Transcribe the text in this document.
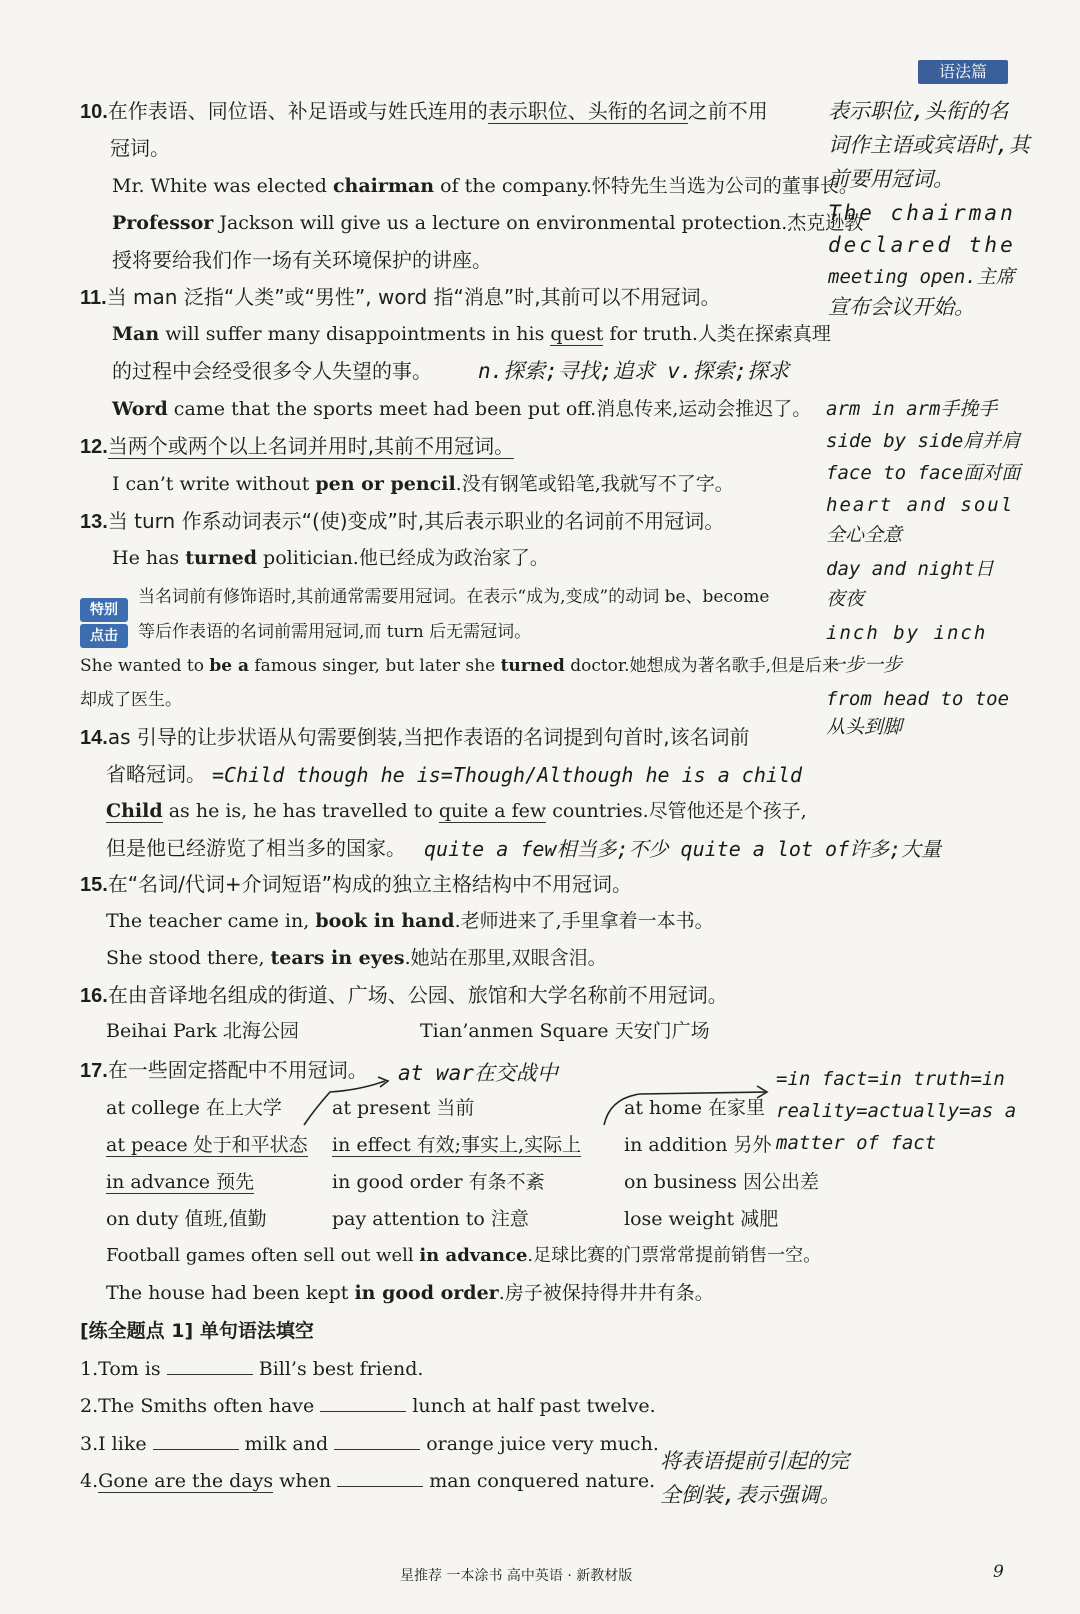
语法篇
10.在作表语、同位语、补足语或与姓氏连用的表示职位、头衔的名词之前不用
冠词。
Mr. White was elected chairman of the company.怀特先生当选为公司的董事长。
Professor Jackson will give us a lecture on environmental protection.杰克逊教
授将要给我们作一场有关环境保护的讲座。
11.当 man 泛指“人类”或“男性”, word 指“消息”时,其前可以不用冠词。
Man will suffer many disappointments in his quest for truth.人类在探索真理
的过程中会经受很多令人失望的事。 n.探索;寻找;追求 v.探索;探求
Word came that the sports meet had been put off.消息传来,运动会推迟了。
12.当两个或两个以上名词并用时,其前不用冠词。
I can’t write without pen or pencil.没有钢笔或铅笔,我就写不了字。
13.当 turn 作系动词表示“(使)变成”时,其后表示职业的名词前不用冠词。
He has turned politician.他已经成为政治家了。
特别
点击
当名词前有修饰语时,其前通常需要用冠词。在表示“成为,变成”的动词 be、become
等后作表语的名词前需用冠词,而 turn 后无需冠词。
She wanted to be a famous singer, but later she turned doctor.她想成为著名歌手,但是后来
却成了医生。
14.as 引导的让步状语从句需要倒装,当把作表语的名词提到句首时,该名词前
省略冠词。 =Child though he is=Though/Although he is a child
Child as he is, he has travelled to quite a few countries.尽管他还是个孩子,
但是他已经游览了相当多的国家。 quite a few相当多;不少 quite a lot of许多;大量
15.在“名词/代词+介词短语”构成的独立主格结构中不用冠词。
The teacher came in, book in hand.老师进来了,手里拿着一本书。
She stood there, tears in eyes.她站在那里,双眼含泪。
16.在由音译地名组成的街道、广场、公园、旅馆和大学名称前不用冠词。
Beihai Park 北海公园	Tian’anmen Square 天安门广场
17.在一些固定搭配中不用冠词。 at war在交战中
at college 在上大学	at present 当前	at home 在家里
at peace 处于和平状态 in effect 有效;事实上,实际上 in addition 另外
in advance 预先	in good order 有条不紊	on business 因公出差
on duty 值班,值勤	pay attention to 注意	lose weight 减肥
Football games often sell out well in advance.足球比赛的门票常常提前销售一空。
The house had been kept in good order.房子被保持得井井有条。
[练全题点 1] 单句语法填空
1.Tom is	Bill’s best friend.
2.The Smiths often have	lunch at half past twelve.
3.I like	milk and	orange juice very much.
4.Gone are the days when	man conquered nature.
表示职位,头衔的名
词作主语或宾语时,其
前要用冠词。
The chairman
declared the
meeting open.主席
宣布会议开始。
arm in arm手挽手
side by side肩并肩
face to face面对面
heart and soul
全心全意
day and night日
夜夜
inch by inch
一步一步
from head to toe
从头到脚
=in fact=in truth=in
reality=actually=as a
matter of fact
将表语提前引起的完
全倒装,表示强调。
星推荐 一本涂书 高中英语 · 新教材版	9
